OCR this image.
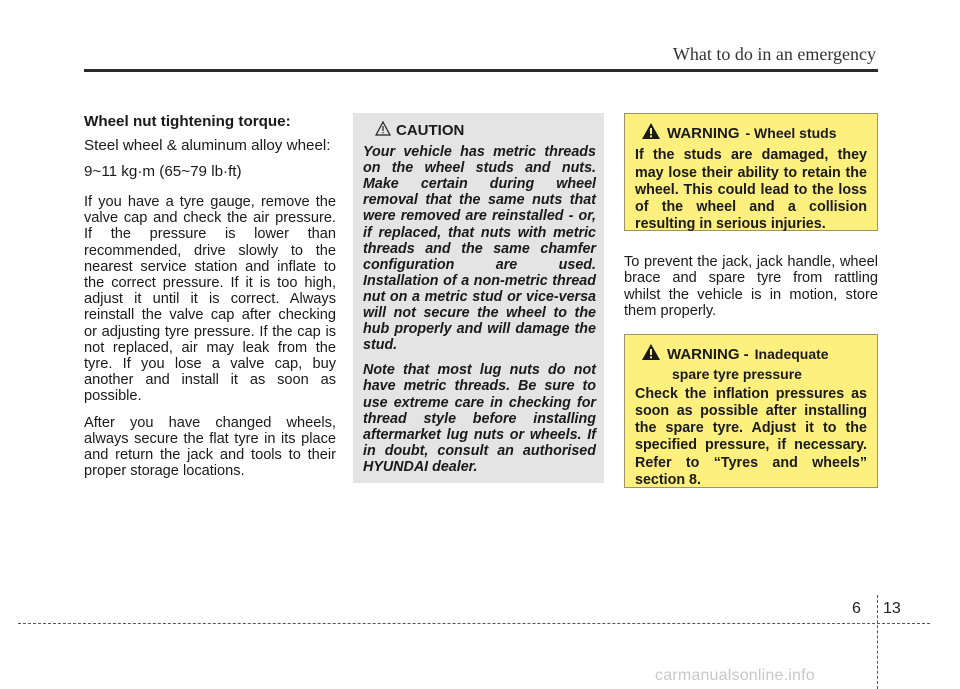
What to do in an emergency

Wheel nut tightening torque:

Steel wheel & aluminum alloy wheel:

9~11 kg·m (65~79 lb·ft)

If you have a tyre gauge, remove the valve cap and check the air pressure. If the pressure is lower than recommended, drive slowly to the nearest service station and inflate to the correct pressure. If it is too high, adjust it until it is correct. Always reinstall the valve cap after checking or adjusting tyre pressure. If the cap is not replaced, air may leak from the tyre. If you lose a valve cap, buy another and install it as soon as possible.

After you have changed wheels, always secure the flat tyre in its place and return the jack and tools to their proper storage locations.

CAUTION

Your vehicle has metric threads on the wheel studs and nuts. Make certain during wheel removal that the same nuts that were removed are reinstalled - or, if replaced, that nuts with metric threads and the same chamfer configuration are used. Installation of a non-metric thread nut on a metric stud or vice-versa will not secure the wheel to the hub properly and will damage the stud.

Note that most lug nuts do not have metric threads. Be sure to use extreme care in checking for thread style before installing aftermarket lug nuts or wheels. If in doubt, consult an authorised HYUNDAI dealer.

WARNING - Wheel studs
If the studs are damaged, they may lose their ability to retain the wheel. This could lead to the loss of the wheel and a collision resulting in serious injuries.
To prevent the jack, jack handle, wheel brace and spare tyre from rattling whilst the vehicle is in motion, store them properly.
WARNING - Inadequate
spare tyre pressure
Check the inflation pressures as soon as possible after installing the spare tyre. Adjust it to the specified pressure, if necessary. Refer to “Tyres and wheels” section 8.
6 13
carmanualsonline.info
